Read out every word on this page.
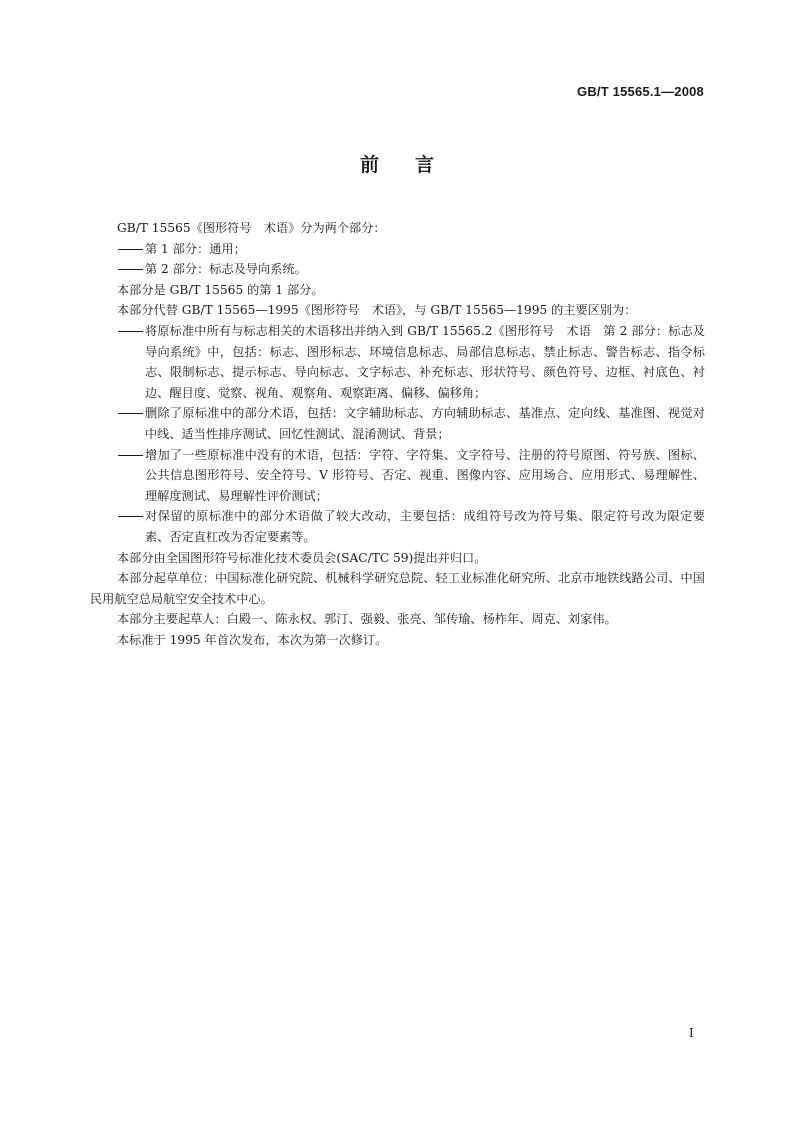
GB/T 15565.1—2008
前言

GB/T 15565《图形符号　术语》分为两个部分：

第 1 部分：通用；
第 2 部分：标志及导向系统。

本部分是 GB/T 15565 的第 1 部分。

本部分代替 GB/T 15565—1995《图形符号　术语》，与 GB/T 15565—1995 的主要区别为：

将原标准中所有与标志相关的术语移出并纳入到 GB/T 15565.2《图形符号　术语　第 2 部分：标志及导向系统》中，包括：标志、图形标志、环境信息标志、局部信息标志、禁止标志、警告标志、指令标志、限制标志、提示标志、导向标志、文字标志、补充标志、形状符号、颜色符号、边框、衬底色、衬边、醒目度、觉察、视角、观察角、观察距离、偏移、偏移角；
删除了原标准中的部分术语，包括：文字辅助标志、方向辅助标志、基准点、定向线、基准图、视觉对中线、适当性排序测试、回忆性测试、混淆测试、背景；
增加了一些原标准中没有的术语，包括：字符、字符集、文字符号、注册的符号原图、符号族、图标、公共信息图形符号、安全符号、V 形符号、否定、视重、图像内容、应用场合、应用形式、易理解性、理解度测试、易理解性评价测试；
对保留的原标准中的部分术语做了较大改动，主要包括：成组符号改为符号集、限定符号改为限定要素、否定直杠改为否定要素等。

本部分由全国图形符号标准化技术委员会(SAC/TC 59)提出并归口。

本部分起草单位：中国标准化研究院、机械科学研究总院、轻工业标准化研究所、北京市地铁线路公司、中国民用航空总局航空安全技术中心。

本部分主要起草人：白殿一、陈永权、郭汀、强毅、张亮、邹传瑜、杨柞年、周克、刘家伟。

本标准于 1995 年首次发布，本次为第一次修订。

I
